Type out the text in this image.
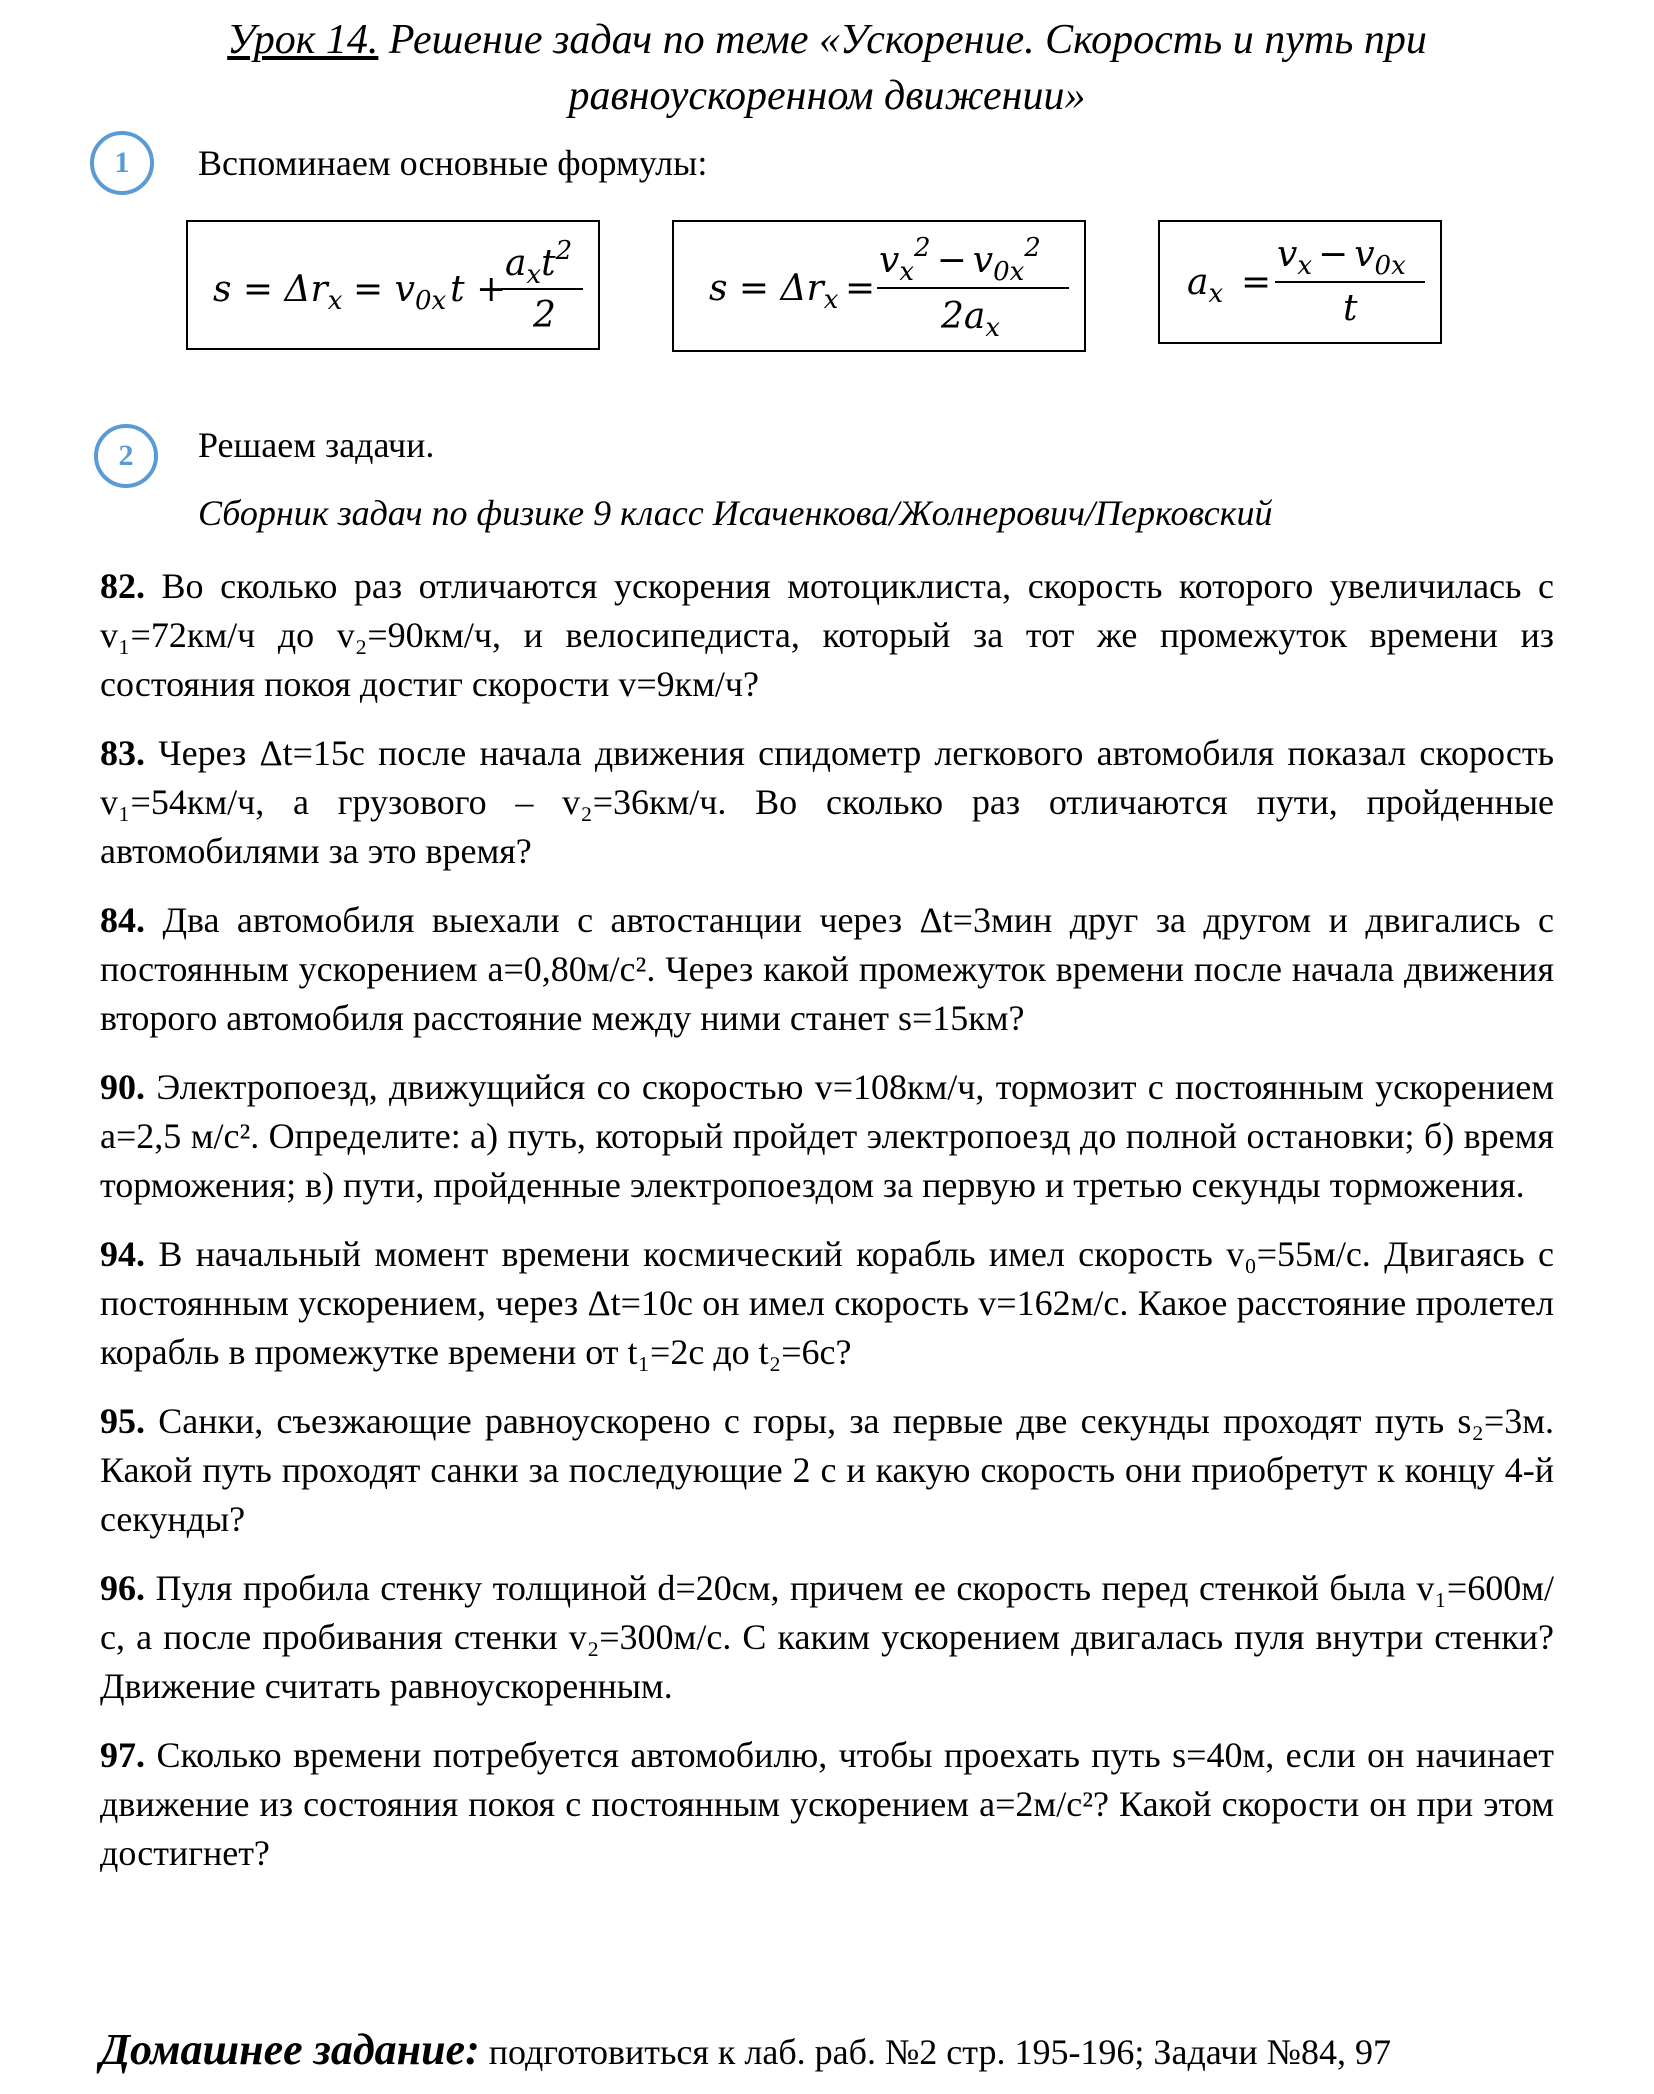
Урок 14. Решение задач по теме «Ускорение. Скорость и путь при
равноускоренном движении»
1	Вспоминаем основные формулы:
$s = \Delta r_x = v_{0x}$ t +
$a_xt^2$
2
$s = \Delta r_x$ =
$v_x^2 - v_{0x}^2$
$2a_x$
$a_x$ =
$v_x - v_{0x}$
t
2	Решаем задачи.
Сборник задач по физике 9 класс Исаченкова/Жолнерович/Перковский

82. Во сколько раз отличаются ускорения мотоциклиста, скорость которого увеличилась с v₁=72км/ч до v₂=90км/ч, и велосипедиста, который за тот же промежуток времени из состояния покоя достиг скорости v=9км/ч?

83. Через Δt=15с после начала движения спидометр легкового автомобиля показал скорость v₁=54км/ч, а грузового – v₂=36км/ч. Во сколько раз отличаются пути, пройденные автомобилями за это время?

84. Два автомобиля выехали с автостанции через Δt=3мин друг за другом и двигались с постоянным ускорением a=0,80м/с². Через какой промежуток времени после начала движения второго автомобиля расстояние между ними станет s=15км?

90. Электропоезд, движущийся со скоростью v=108км/ч, тормозит с постоянным ускорением a=2,5 м/с². Определите: а) путь, который пройдет электропоезд до полной остановки; б) время торможения; в) пути, пройденные электропоездом за первую и третью секунды торможения.

94. В начальный момент времени космический корабль имел скорость v₀=55м/с. Двигаясь с постоянным ускорением, через Δt=10с он имел скорость v=162м/с. Какое расстояние пролетел корабль в промежутке времени от t₁=2с до t₂=6с?

95. Санки, съезжающие равноускорено с горы, за первые две секунды проходят путь s₂=3м. Какой путь проходят санки за последующие 2 с и какую скорость они приобретут к концу 4-й секунды?

96. Пуля пробила стенку толщиной d=20см, причем ее скорость перед стенкой была v₁=600м/с, а после пробивания стенки v₂=300м/с. С каким ускорением двигалась пуля внутри стенки? Движение считать равноускоренным.

97. Сколько времени потребуется автомобилю, чтобы проехать путь s=40м, если он начинает движение из состояния покоя с постоянным ускорением a=2м/с²? Какой скорости он при этом достигнет?

Домашнее задание: подготовиться к лаб. раб. №2 стр. 195-196; Задачи №84, 97
